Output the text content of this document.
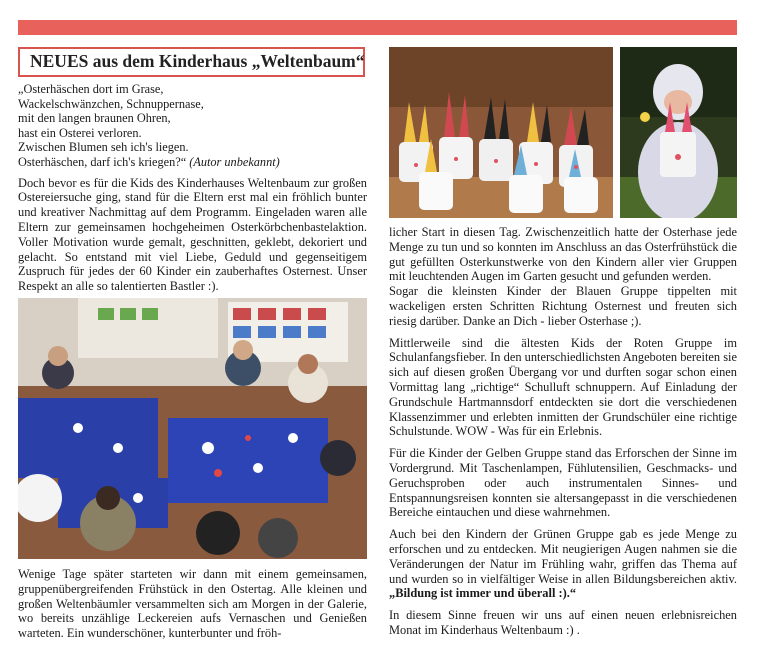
NEUES aus dem Kinderhaus „Weltenbaum“
„Osterhäschen dort im Grase,
Wackelschwänzchen, Schnuppernase,
mit den langen braunen Ohren,
hast ein Osterei verloren.
Zwischen Blumen seh ich's liegen.
Osterhäschen, darf ich's kriegen?“ (Autor unbekannt)

Doch bevor es für die Kids des Kinderhauses Weltenbaum zur großen Ostereiersuche ging, stand für die Eltern erst mal ein fröhlich bunter und kreativer Nachmittag auf dem Programm. Eingeladen waren alle Eltern zur gemeinsamen hochgeheimen Osterkörbchenbastelaktion. Voller Motivation wurde gemalt, geschnitten, geklebt, dekoriert und gelacht. So entstand mit viel Liebe, Geduld und gegenseitigem Zuspruch für jedes der 60 Kinder ein zauberhaftes Osternest. Unser Respekt an alle so talentierten Bastler :).

Wenige Tage später starteten wir dann mit einem gemeinsamen, gruppenübergreifenden Frühstück in den Ostertag. Alle kleinen und großen Weltenbäumler versammelten sich am Morgen in der Galerie, wo bereits unzählige Leckereien aufs Vernaschen und Genießen warteten. Ein wunderschöner, kunterbunter und fröh-

licher Start in diesen Tag. Zwischenzeitlich hatte der Osterhase jede Menge zu tun und so konnten im Anschluss an das Osterfrühstück die gut gefüllten Osterkunstwerke von den Kindern aller vier Gruppen mit leuchtenden Augen im Garten gesucht und gefunden werden.
Sogar die kleinsten Kinder der Blauen Gruppe tippelten mit wackeligen ersten Schritten Richtung Osternest und freuten sich riesig darüber. Danke an Dich - lieber Osterhase ;).

Mittlerweile sind die ältesten Kids der Roten Gruppe im Schulanfangsfieber. In den unterschiedlichsten Angeboten bereiten sie sich auf diesen großen Übergang vor und durften sogar schon einen Vormittag lang „richtige“ Schulluft schnuppern. Auf Einladung der Grundschule Hartmannsdorf entdeckten sie dort die verschiedenen Klassenzimmer und erlebten inmitten der Grundschüler eine richtige Schulstunde. WOW - Was für ein Erlebnis.

Für die Kinder der Gelben Gruppe stand das Erforschen der Sinne im Vordergrund. Mit Taschenlampen, Fühlutensilien, Geschmacks- und Geruchsproben oder auch instrumentalen Sinnes- und Entspannungsreisen konnten sie altersangepasst in die verschiedenen Bereiche eintauchen und diese wahrnehmen.

Auch bei den Kindern der Grünen Gruppe gab es jede Menge zu erforschen und zu entdecken. Mit neugierigen Augen nahmen sie die Veränderungen der Natur im Frühling wahr, griffen das Thema auf und wurden so in vielfältiger Weise in allen Bildungsbereichen aktiv. „Bildung ist immer und überall :).“

In diesem Sinne freuen wir uns auf einen neuen erlebnisreichen Monat im Kinderhaus Weltenbaum :) .
